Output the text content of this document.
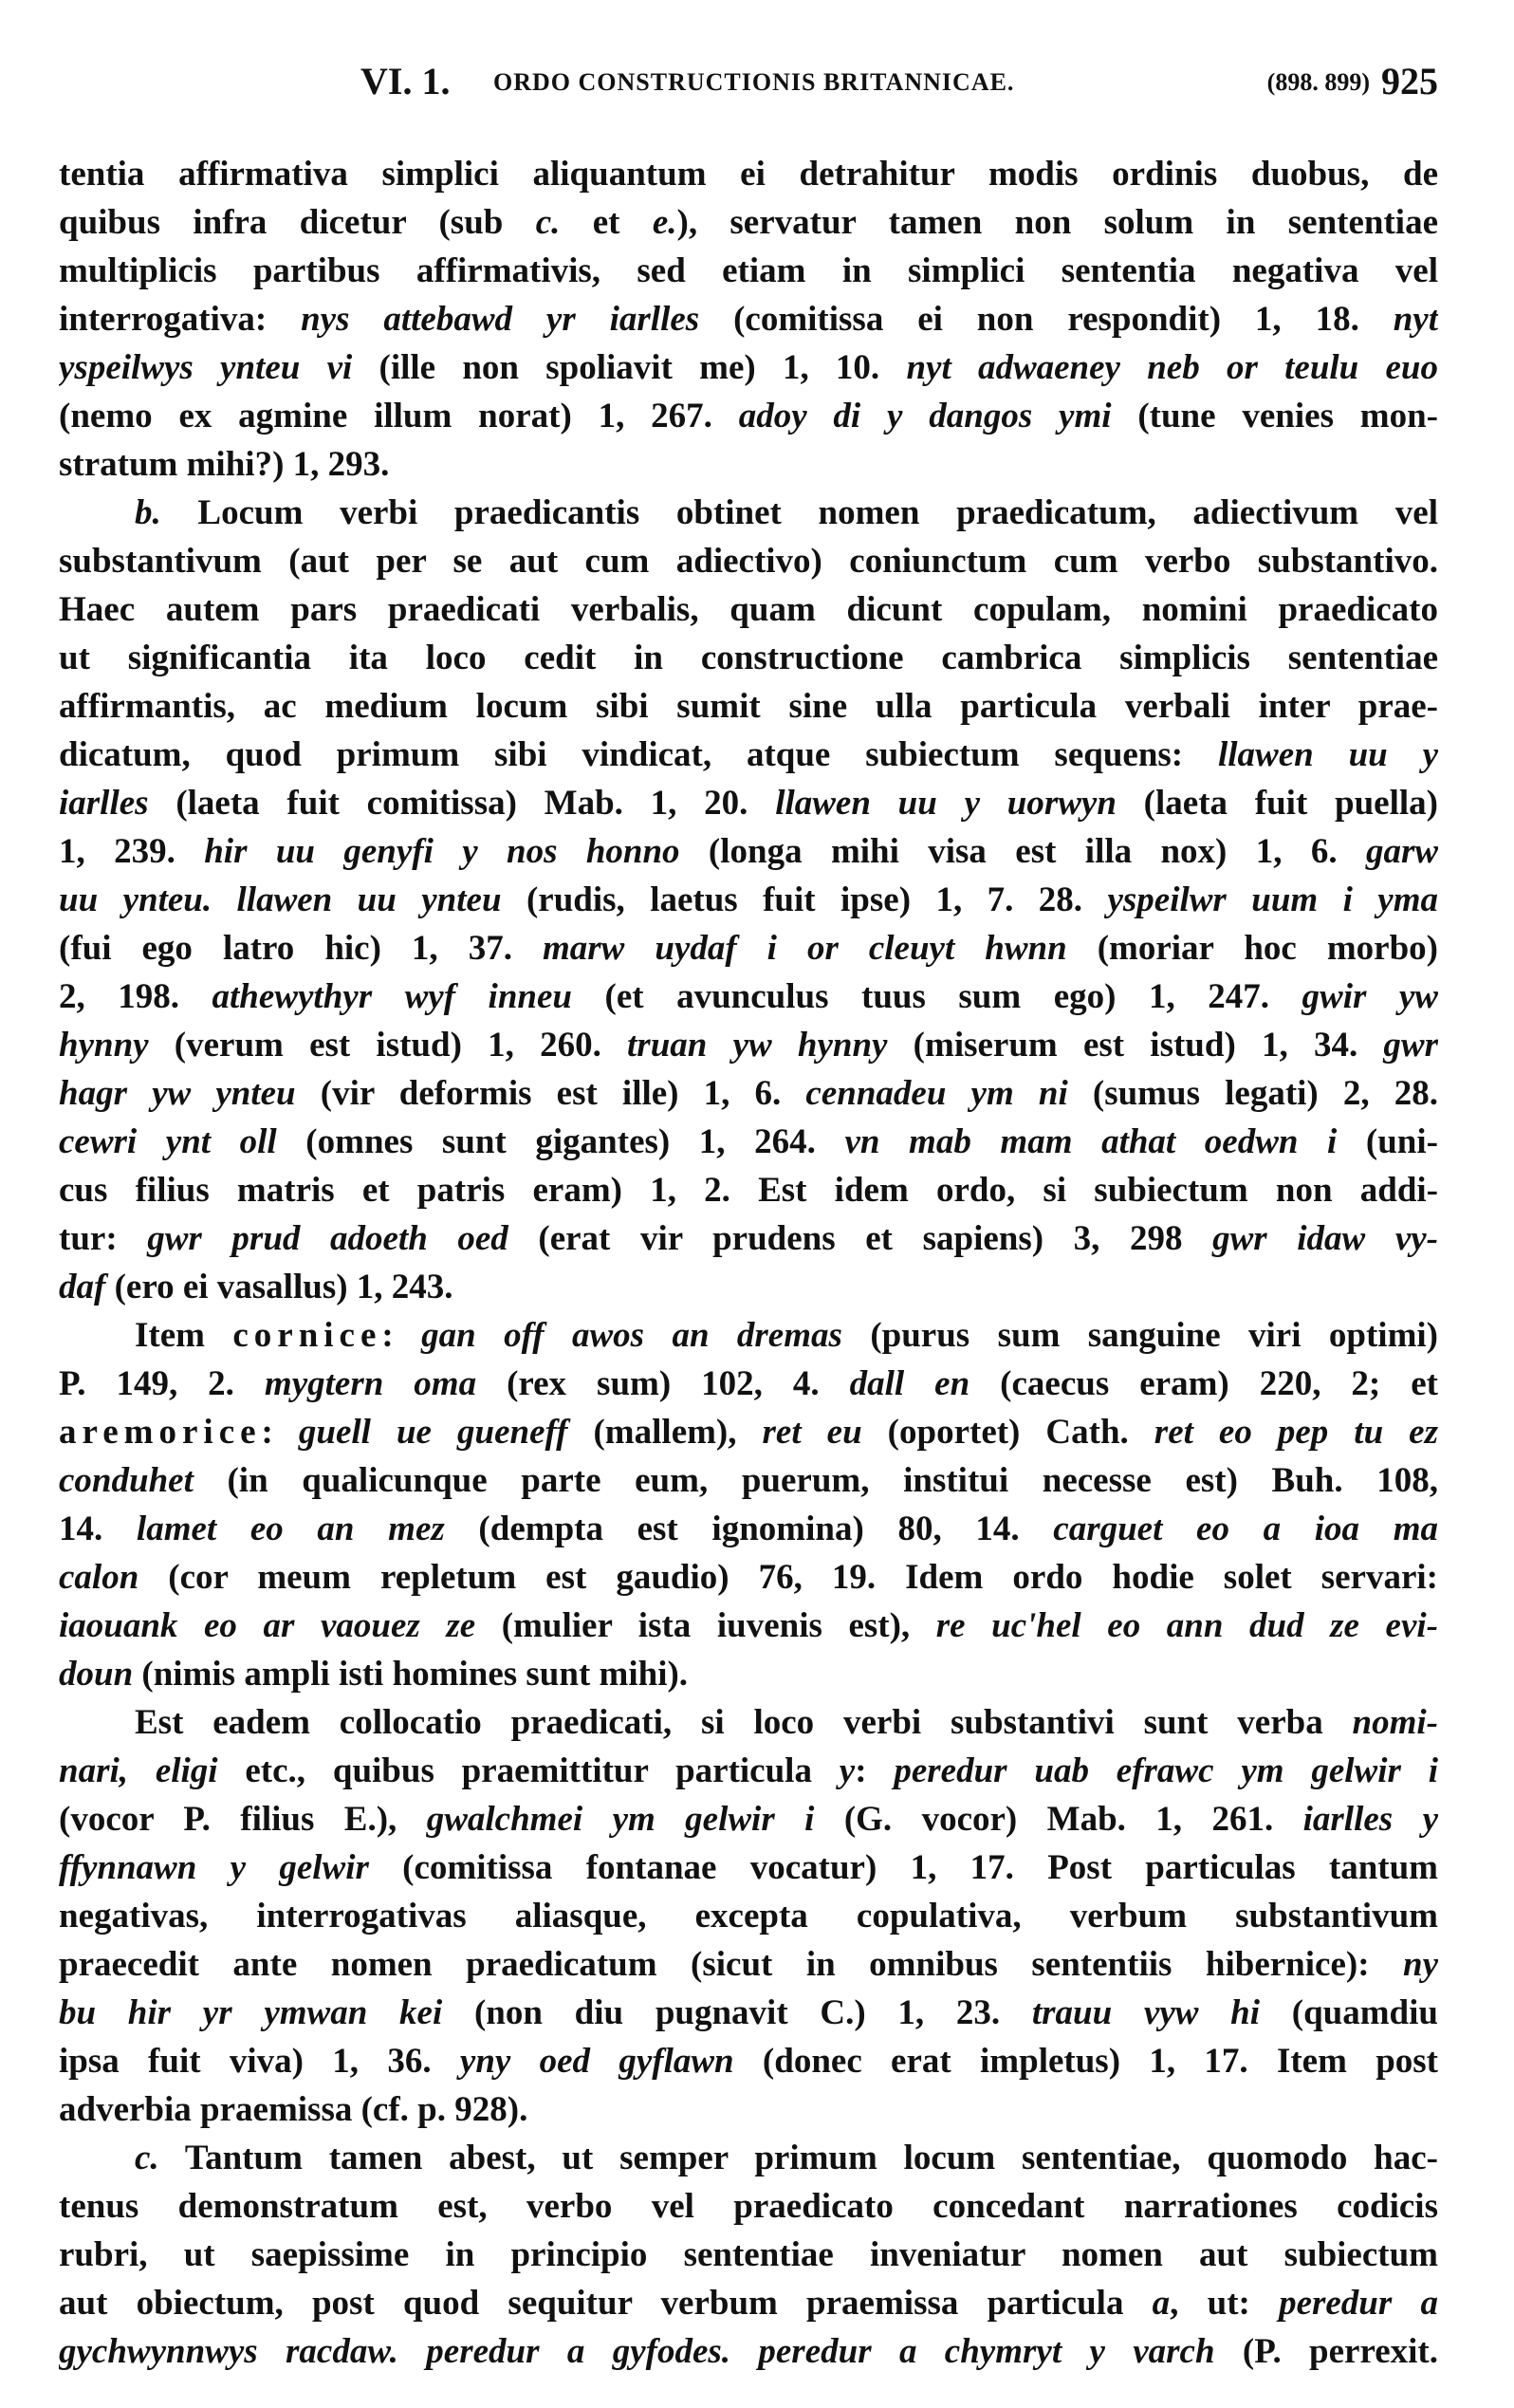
VI. 1. ORDO CONSTRUCTIONIS BRITANNICAE.	(898. 899) 925
tentia affirmativa simplici aliquantum ei detrahitur modis ordinis duobus, de
quibus infra dicetur (sub c. et e.), servatur tamen non solum in sententiae
multiplicis partibus affirmativis, sed etiam in simplici sententia negativa vel
interrogativa: nys attebawd yr iarlles (comitissa ei non respondit) 1, 18. nyt
yspeilwys ynteu vi (ille non spoliavit me) 1, 10. nyt adwaeney neb or teulu euo
(nemo ex agmine illum norat) 1, 267. adoy di y dangos ymi (tune venies mon-
stratum mihi?) 1, 293.
b. Locum verbi praedicantis obtinet nomen praedicatum, adiectivum vel
substantivum (aut per se aut cum adiectivo) coniunctum cum verbo substantivo.
Haec autem pars praedicati verbalis, quam dicunt copulam, nomini praedicato
ut significantia ita loco cedit in constructione cambrica simplicis sententiae
affirmantis, ac medium locum sibi sumit sine ulla particula verbali inter prae-
dicatum, quod primum sibi vindicat, atque subiectum sequens: llawen uu y
iarlles (laeta fuit comitissa) Mab. 1, 20. llawen uu y uorwyn (laeta fuit puella)
1, 239. hir uu genyfi y nos honno (longa mihi visa est illa nox) 1, 6. garw
uu ynteu. llawen uu ynteu (rudis, laetus fuit ipse) 1, 7. 28. yspeilwr uum i yma
(fui ego latro hic) 1, 37. marw uydaf i or cleuyt hwnn (moriar hoc morbo)
2, 198. athewythyr wyf inneu (et avunculus tuus sum ego) 1, 247. gwir yw
hynny (verum est istud) 1, 260. truan yw hynny (miserum est istud) 1, 34. gwr
hagr yw ynteu (vir deformis est ille) 1, 6. cennadeu ym ni (sumus legati) 2, 28.
cewri ynt oll (omnes sunt gigantes) 1, 264. vn mab mam athat oedwn i (uni-
cus filius matris et patris eram) 1, 2. Est idem ordo, si subiectum non addi-
tur: gwr prud adoeth oed (erat vir prudens et sapiens) 3, 298 gwr idaw vy-
daf (ero ei vasallus) 1, 243.
Item cornice: gan off awos an dremas (purus sum sanguine viri optimi)
P. 149, 2. mygtern oma (rex sum) 102, 4. dall en (caecus eram) 220, 2; et
aremorice: guell ue gueneff (mallem), ret eu (oportet) Cath. ret eo pep tu ez
conduhet (in qualicunque parte eum, puerum, institui necesse est) Buh. 108,
14. lamet eo an mez (dempta est ignomina) 80, 14. carguet eo a ioa ma
calon (cor meum repletum est gaudio) 76, 19. Idem ordo hodie solet servari:
iaouank eo ar vaouez ze (mulier ista iuvenis est), re uc'hel eo ann dud ze evi-
doun (nimis ampli isti homines sunt mihi).
Est eadem collocatio praedicati, si loco verbi substantivi sunt verba nomi-
nari, eligi etc., quibus praemittitur particula y: peredur uab efrawc ym gelwir i
(vocor P. filius E.), gwalchmei ym gelwir i (G. vocor) Mab. 1, 261. iarlles y
ffynnawn y gelwir (comitissa fontanae vocatur) 1, 17. Post particulas tantum
negativas, interrogativas aliasque, excepta copulativa, verbum substantivum
praecedit ante nomen praedicatum (sicut in omnibus sententiis hibernice): ny
bu hir yr ymwan kei (non diu pugnavit C.) 1, 23. trauu vyw hi (quamdiu
ipsa fuit viva) 1, 36. yny oed gyflawn (donec erat impletus) 1, 17. Item post
adverbia praemissa (cf. p. 928).
c. Tantum tamen abest, ut semper primum locum sententiae, quomodo hac-
tenus demonstratum est, verbo vel praedicato concedant narrationes codicis
rubri, ut saepissime in principio sententiae inveniatur nomen aut subiectum
aut obiectum, post quod sequitur verbum praemissa particula a, ut: peredur a
gychwynnwys racdaw. peredur a gyfodes. peredur a chymryt y varch (P. perrexit.
